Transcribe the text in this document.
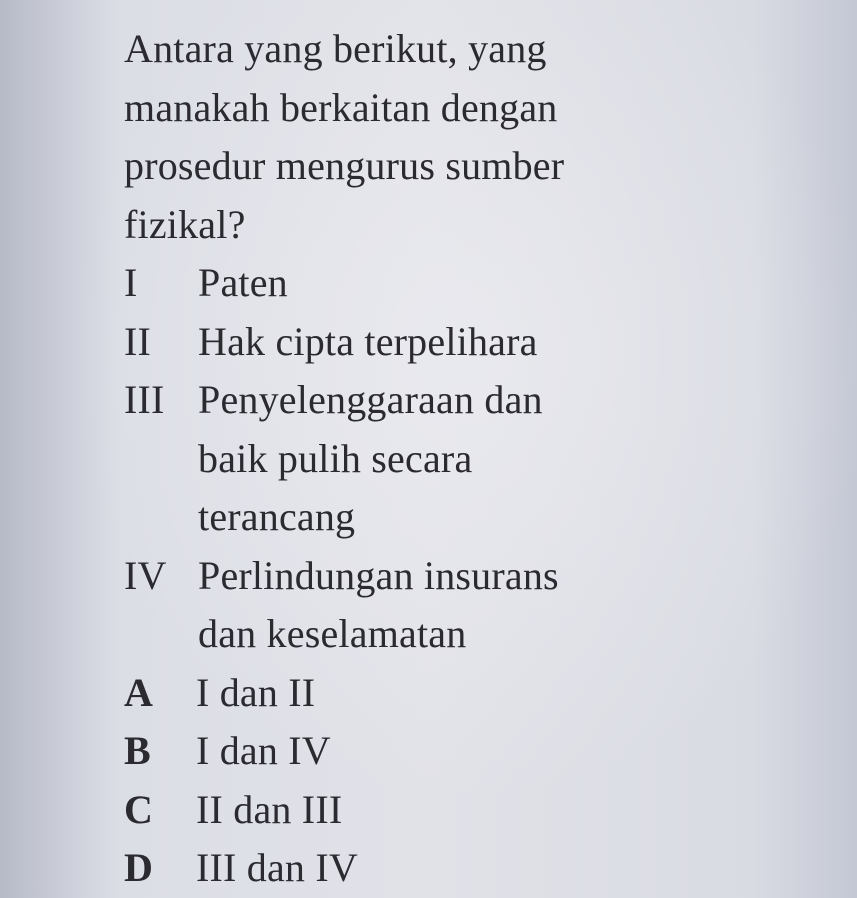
Antara yang berikut, yang

manakah berkaitan dengan

prosedur mengurus sumber

fizikal?

I	Paten
II	Hak cipta terpelihara
III Penyelenggaraan dan
baik pulih secara
terancang
IV Perlindungan insurans
dan keselamatan
A	I dan II
B	I dan IV
C	II dan III
D	III dan IV
